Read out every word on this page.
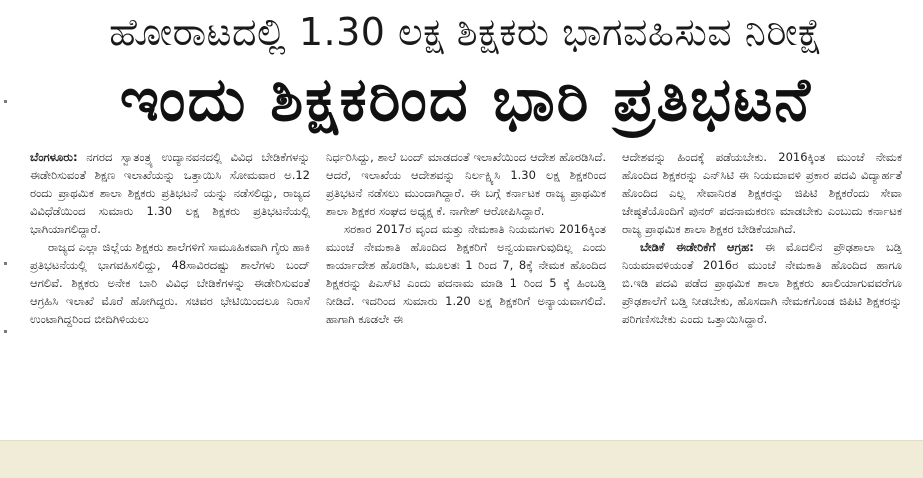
ಹೋರಾಟದಲ್ಲಿ 1.30 ಲಕ್ಷ ಶಿಕ್ಷಕರು ಭಾಗವಹಿಸುವ ನಿರೀಕ್ಷೆ
ಇಂದು ಶಿಕ್ಷಕರಿಂದ ಭಾರಿ ಪ್ರತಿಭಟನೆ

ಬೆಂಗಳೂರು: ನಗರದ ಸ್ವಾತಂತ್ರ್ಯ ಉದ್ಯಾನವನದಲ್ಲಿ ವಿವಿಧ ಬೇಡಿಕೆಗಳನ್ನು ಈಡೇರಿಸುವಂತೆ ಶಿಕ್ಷಣ ಇಲಾಖೆಯನ್ನು ಒತ್ತಾಯಿಸಿ ಸೋಮವಾರ ಅ.12 ರಂದು ಪ್ರಾಥಮಿಕ ಶಾಲಾ ಶಿಕ್ಷಕರು ಪ್ರತಿಭಟನೆ ಯನ್ನು ನಡೆಸಲಿದ್ದು, ರಾಜ್ಯದ ವಿವಿಧೆಡೆಯಿಂದ ಸುಮಾರು 1.30 ಲಕ್ಷ ಶಿಕ್ಷಕರು ಪ್ರತಿಭಟನೆಯಲ್ಲಿ ಭಾಗಿಯಾಗಲಿದ್ದಾರೆ.

ರಾಜ್ಯದ ಎಲ್ಲಾ ಜಿಲ್ಲೆಯ ಶಿಕ್ಷಕರು ಶಾಲೆಗಳಿಗೆ ಸಾಮೂಹಿಕವಾಗಿ ಗೈರು ಹಾಕಿ ಪ್ರತಿಭಟನೆಯಲ್ಲಿ ಭಾಗವಹಿಸಲಿದ್ದು, 48ಸಾವಿರದಷ್ಟು ಶಾಲೆಗಳು ಬಂದ್ ಆಗಲಿವೆ. ಶಿಕ್ಷಕರು ಅನೇಕ ಬಾರಿ ವಿವಿಧ ಬೇಡಿಕೆಗಳನ್ನು ಈಡೇರಿಸುವಂತೆ ಆಗ್ರಹಿಸಿ ಇಲಾಖೆ ಮೊರೆ ಹೋಗಿದ್ದರು. ಸಚಿವರ ಭೇಟಿಯಿಂದಲೂ ನಿರಾಸೆ ಉಂಟಾಗಿದ್ದರಿಂದ ಬೀದಿಗಿಳಿಯಲು

ನಿರ್ಧರಿಸಿದ್ದು, ಶಾಲೆ ಬಂದ್ ಮಾಡದಂತೆ ಇಲಾಖೆಯಿಂದ ಆದೇಶ ಹೊರಡಿಸಿದೆ. ಆದರೆ, ಇಲಾಖೆಯ ಆದೇಶವನ್ನು ನಿರ್ಲಕ್ಷ್ಯಿಸಿ 1.30 ಲಕ್ಷ ಶಿಕ್ಷಕರಿಂದ ಪ್ರತಿಭಟನೆ ನಡೆಸಲು ಮುಂದಾಗಿದ್ದಾರೆ. ಈ ಬಗ್ಗೆ ಕರ್ನಾಟಕ ರಾಜ್ಯ ಪ್ರಾಥಮಿಕ ಶಾಲಾ ಶಿಕ್ಷಕರ ಸಂಘದ ಅಧ್ಯಕ್ಷ ಕೆ. ನಾಗೇಶ್ ಆರೋಪಿಸಿದ್ದಾರೆ.

ಸರಕಾರ 2017ರ ವೃಂದ ಮತ್ತು ನೇಮಕಾತಿ ನಿಯಮಗಳು 2016ಕ್ಕಿಂತ ಮುಂಚೆ ನೇಮಕಾತಿ ಹೊಂದಿದ ಶಿಕ್ಷಕರಿಗೆ ಅನ್ವಯವಾಗುವುದಿಲ್ಲ ಎಂದು ಕಾರ್ಯಾದೇಶ ಹೊರಡಿಸಿ, ಮೂಲತಃ 1 ರಿಂದ 7, 8ಕ್ಕೆ ನೇಮಕ ಹೊಂದಿದ ಶಿಕ್ಷಕರನ್ನು ಪಿಎಸ್‌ಟಿ ಎಂದು ಪದನಾಮ ಮಾಡಿ 1 ರಿಂದ 5 ಕ್ಕೆ ಹಿಂಬಡ್ತಿ ನೀಡಿದೆ. ಇದರಿಂದ ಸುಮಾರು 1.20 ಲಕ್ಷ ಶಿಕ್ಷಕರಿಗೆ ಅನ್ಯಾಯವಾಗಲಿದೆ. ಹಾಗಾಗಿ ಕೂಡಲೇ ಈ

ಆದೇಶವನ್ನು ಹಿಂದಕ್ಕೆ ಪಡೆಯಬೇಕು. 2016ಕ್ಕಿಂತ ಮುಂಚೆ ನೇಮಕ ಹೊಂದಿದ ಶಿಕ್ಷಕರನ್ನು ಎನ್‌ಸಿಟಿ ಈ ನಿಯಮಾವಳಿ ಪ್ರಕಾರ ಪದವಿ ವಿದ್ಯಾರ್ಹತೆ ಹೊಂದಿದ ಎಲ್ಲ ಸೇವಾನಿರತ ಶಿಕ್ಷಕರನ್ನು ಜಿಪಿಟಿ ಶಿಕ್ಷಕರೆಂದು ಸೇವಾ ಜೇಷ್ಠತೆಯೊಂದಿಗೆ ಪುನರ್ ಪದನಾಮಕರಣ ಮಾಡಬೇಕು ಎಂಬುದು ಕರ್ನಾಟಕ ರಾಜ್ಯ ಪ್ರಾಥಮಿಕ ಶಾಲಾ ಶಿಕ್ಷಕರ ಬೇಡಿಕೆಯಾಗಿದೆ.

ಬೇಡಿಕೆ ಈಡೇರಿಕೆಗೆ ಆಗ್ರಹ: ಈ ಮೊದಲಿನ ಪ್ರೌಢಶಾಲಾ ಬಡ್ತಿ ನಿಯಮಾವಳಿಯಂತೆ 2016ರ ಮುಂಚೆ ನೇಮಕಾತಿ ಹೊಂದಿದ ಹಾಗೂ ಬಿ.ಇಡಿ ಪದವಿ ಪಡೆದ ಪ್ರಾಥಮಿಕ ಶಾಲಾ ಶಿಕ್ಷಕರು ಖಾಲಿಯಾಗುವವರೆಗೂ ಪ್ರೌಢಶಾಲೆಗೆ ಬಡ್ತಿ ನೀಡಬೇಕು, ಹೊಸದಾಗಿ ನೇಮಕಗೊಂಡ ಜಿಪಿಟಿ ಶಿಕ್ಷಕರನ್ನು ಪರಿಗಣಿಸಬೇಕು ಎಂದು ಒತ್ತಾಯಿಸಿದ್ದಾರೆ.
